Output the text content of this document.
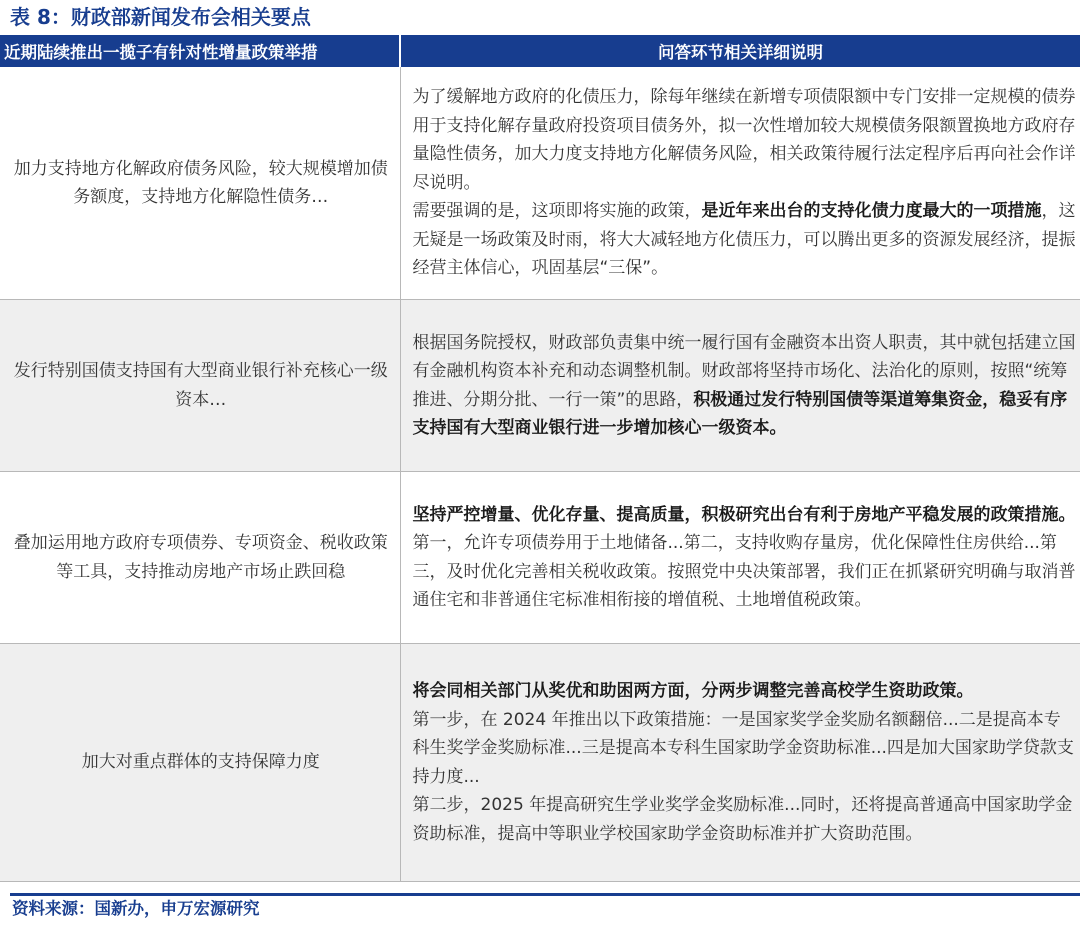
表 8：财政部新闻发布会相关要点
近期陆续推出一揽子有针对性增量政策举措	问答环节相关详细说明
加力支持地方化解政府债务风险，较大规模增加债务额度，支持地方化解隐性债务…	为了缓解地方政府的化债压力，除每年继续在新增专项债限额中专门安排一定规模的债券用于支持化解存量政府投资项目债务外，拟一次性增加较大规模债务限额置换地方政府存量隐性债务，加大力度支持地方化解债务风险，相关政策待履行法定程序后再向社会作详尽说明。

需要强调的是，这项即将实施的政策，是近年来出台的支持化债力度最大的一项措施，这无疑是一场政策及时雨，将大大减轻地方化债压力，可以腾出更多的资源发展经济，提振经营主体信心，巩固基层“三保”。

发行特别国债支持国有大型商业银行补充核心一级资本…	根据国务院授权，财政部负责集中统一履行国有金融资本出资人职责，其中就包括建立国有金融机构资本补充和动态调整机制。财政部将坚持市场化、法治化的原则，按照“统筹推进、分期分批、一行一策”的思路，积极通过发行特别国债等渠道筹集资金，稳妥有序支持国有大型商业银行进一步增加核心一级资本。

叠加运用地方政府专项债券、专项资金、税收政策等工具，支持推动房地产市场止跌回稳	坚持严控增量、优化存量、提高质量，积极研究出台有利于房地产平稳发展的政策措施。第一，允许专项债券用于土地储备...第二，支持收购存量房，优化保障性住房供给...第三，及时优化完善相关税收政策。按照党中央决策部署，我们正在抓紧研究明确与取消普通住宅和非普通住宅标准相衔接的增值税、土地增值税政策。

加大对重点群体的支持保障力度	将会同相关部门从奖优和助困两方面，分两步调整完善高校学生资助政策。

第一步，在 2024 年推出以下政策措施：一是国家奖学金奖励名额翻倍...二是提高本专科生奖学金奖励标准...三是提高本专科生国家助学金资助标准...四是加大国家助学贷款支持力度...

第二步，2025 年提高研究生学业奖学金奖励标准...同时，还将提高普通高中国家助学金资助标准，提高中等职业学校国家助学金资助标准并扩大资助范围。

资料来源：国新办，申万宏源研究
